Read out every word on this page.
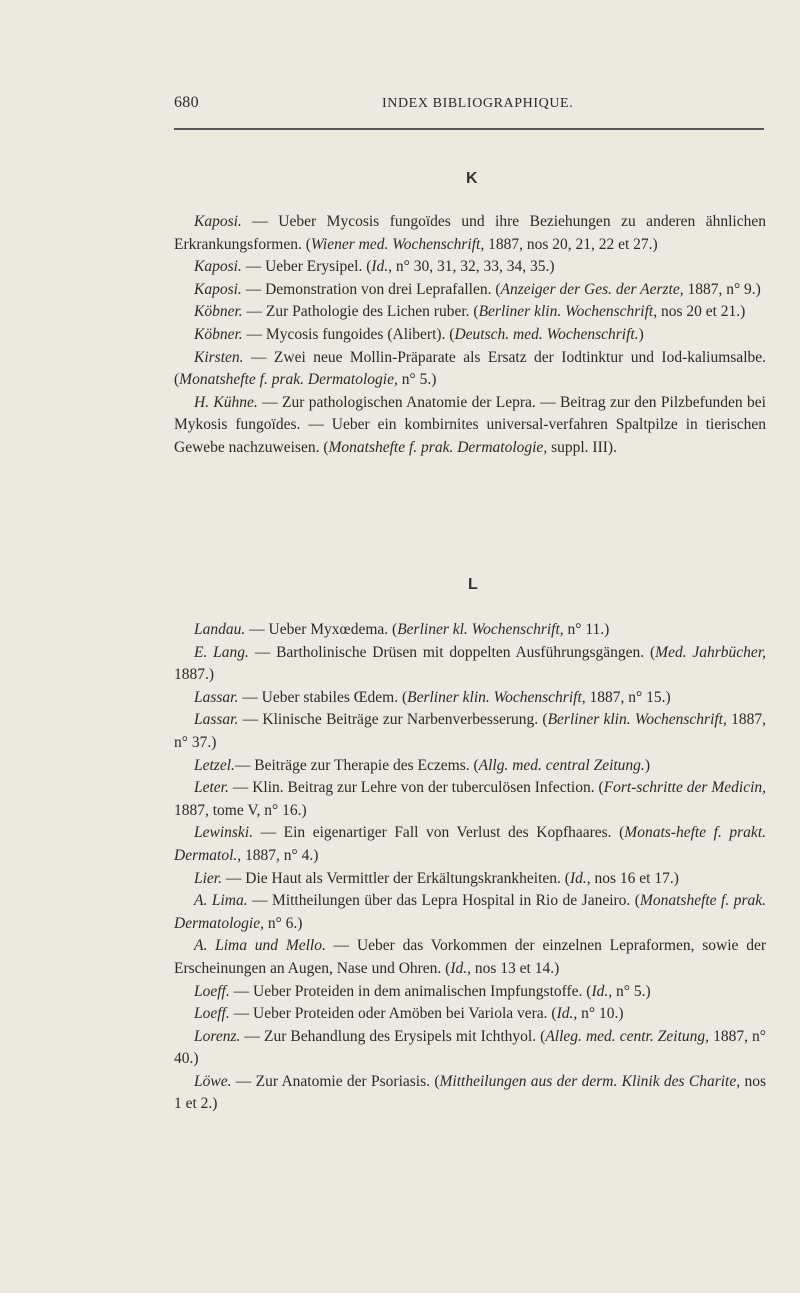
680	INDEX BIBLIOGRAPHIQUE.
K

Kaposi. — Ueber Mycosis fungoïdes und ihre Beziehungen zu anderen ähnlichen Erkrankungsformen. (Wiener med. Wochenschrift, 1887, nos 20, 21, 22 et 27.)

Kaposi. — Ueber Erysipel. (Id., n° 30, 31, 32, 33, 34, 35.)

Kaposi. — Demonstration von drei Leprafallen. (Anzeiger der Ges. der Aerzte, 1887, n° 9.)

Köbner. — Zur Pathologie des Lichen ruber. (Berliner klin. Wochenschrift, nos 20 et 21.)

Köbner. — Mycosis fungoides (Alibert). (Deutsch. med. Wochenschrift.)

Kirsten. — Zwei neue Mollin-Präparate als Ersatz der Iodtinktur und Iod-kaliumsalbe. (Monatshefte f. prak. Dermatologie, n° 5.)

H. Kühne. — Zur pathologischen Anatomie der Lepra. — Beitrag zur den Pilzbefunden bei Mykosis fungoïdes. — Ueber ein kombirnites universal-verfahren Spaltpilze in tierischen Gewebe nachzuweisen. (Monatshefte f. prak. Dermatologie, suppl. III).

L

Landau. — Ueber Myxœdema. (Berliner kl. Wochenschrift, n° 11.)

E. Lang. — Bartholinische Drüsen mit doppelten Ausführungsgängen. (Med. Jahrbücher, 1887.)

Lassar. — Ueber stabiles Œdem. (Berliner klin. Wochenschrift, 1887, n° 15.)

Lassar. — Klinische Beiträge zur Narbenverbesserung. (Berliner klin. Wochenschrift, 1887, n° 37.)

Letzel.— Beiträge zur Therapie des Eczems. (Allg. med. central Zeitung.)

Leter. — Klin. Beitrag zur Lehre von der tuberculösen Infection. (Fort-schritte der Medicin, 1887, tome V, n° 16.)

Lewinski. — Ein eigenartiger Fall von Verlust des Kopfhaares. (Monats-hefte f. prakt. Dermatol., 1887, n° 4.)

Lier. — Die Haut als Vermittler der Erkältungskrankheiten. (Id., nos 16 et 17.)

A. Lima. — Mittheilungen über das Lepra Hospital in Rio de Janeiro. (Monatshefte f. prak. Dermatologie, n° 6.)

A. Lima und Mello. — Ueber das Vorkommen der einzelnen Lepraformen, sowie der Erscheinungen an Augen, Nase und Ohren. (Id., nos 13 et 14.)

Loeff. — Ueber Proteiden in dem animalischen Impfungstoffe. (Id., n° 5.)

Loeff. — Ueber Proteiden oder Amöben bei Variola vera. (Id., n° 10.)

Lorenz. — Zur Behandlung des Erysipels mit Ichthyol. (Alleg. med. centr. Zeitung, 1887, n° 40.)

Löwe. — Zur Anatomie der Psoriasis. (Mittheilungen aus der derm. Klinik des Charite, nos 1 et 2.)
